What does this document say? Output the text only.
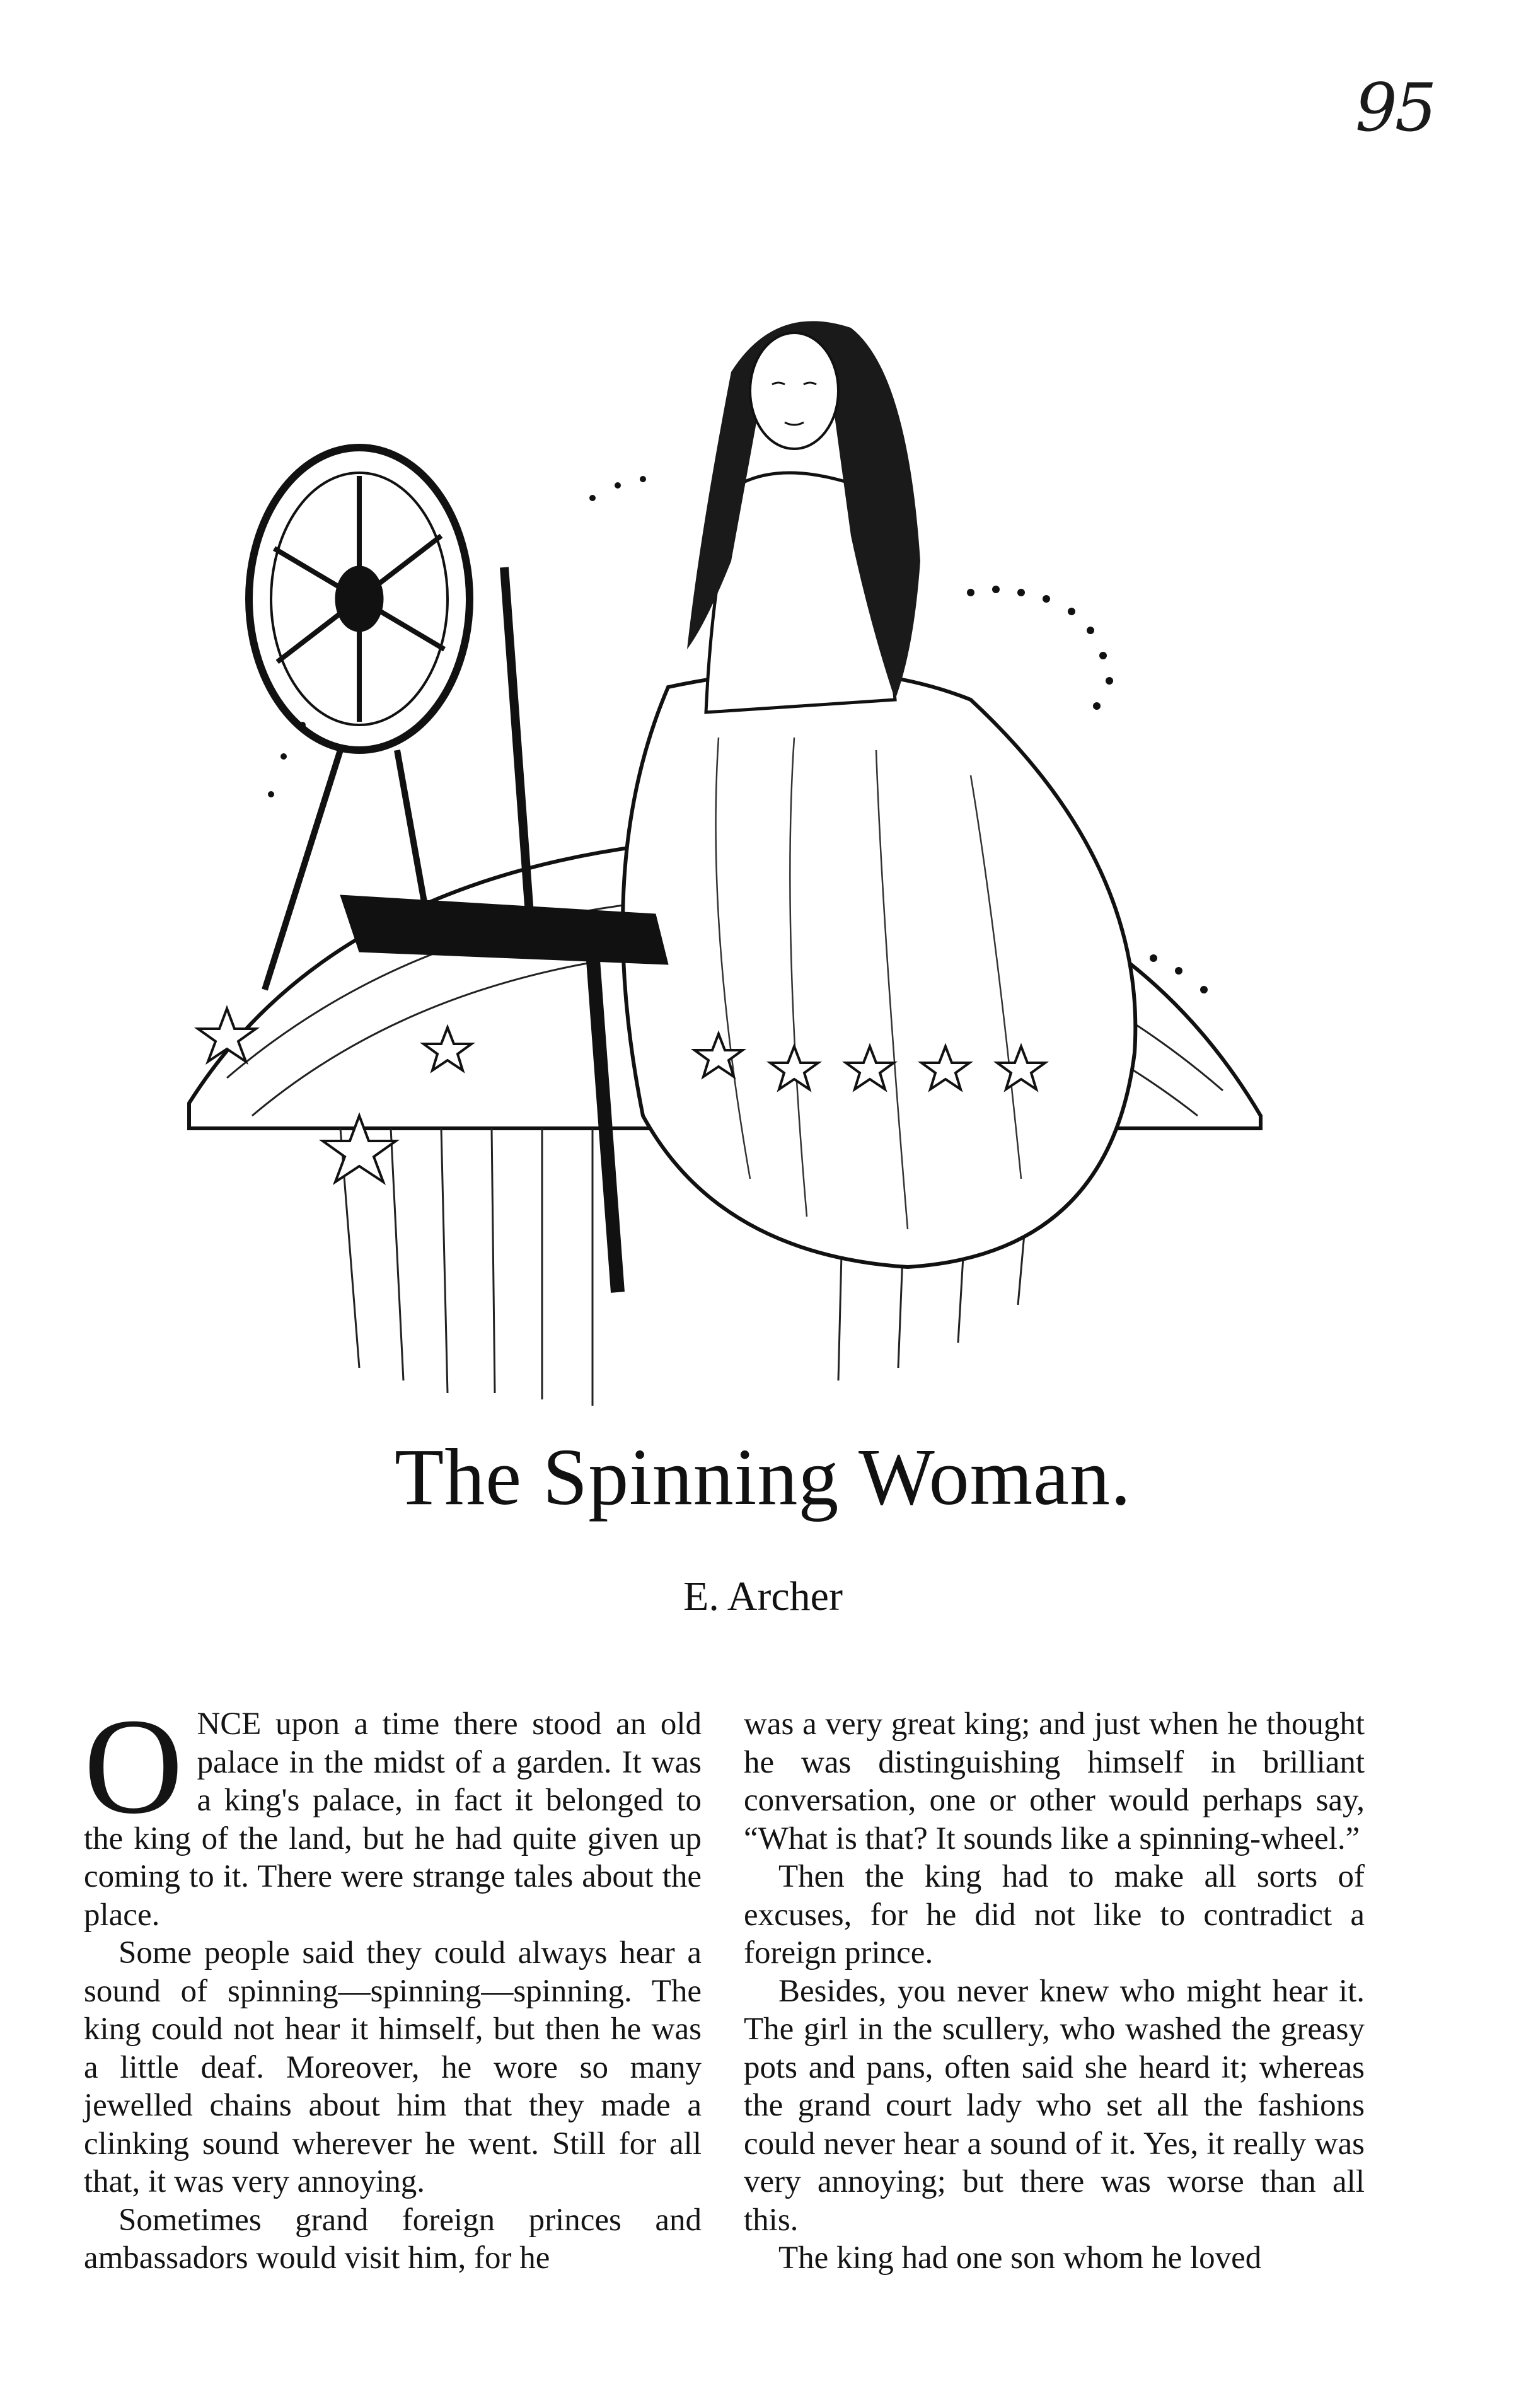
95
The Spinning Woman.
E. Archer

ONCE upon a time there stood an old palace in the midst of a garden. It was a king's palace, in fact it belonged to the king of the land, but he had quite given up coming to it. There were strange tales about the place.

Some people said they could always hear a sound of spinning—spinning—spinning. The king could not hear it himself, but then he was a little deaf. Moreover, he wore so many jewelled chains about him that they made a clinking sound wherever he went. Still for all that, it was very annoying.

Sometimes grand foreign princes and ambassadors would visit him, for he

was a very great king; and just when he thought he was distinguishing himself in brilliant conversation, one or other would perhaps say, “What is that? It sounds like a spinning-wheel.”

Then the king had to make all sorts of excuses, for he did not like to contradict a foreign prince.

Besides, you never knew who might hear it. The girl in the scullery, who washed the greasy pots and pans, often said she heard it; whereas the grand court lady who set all the fashions could never hear a sound of it. Yes, it really was very annoying; but there was worse than all this.

The king had one son whom he loved
